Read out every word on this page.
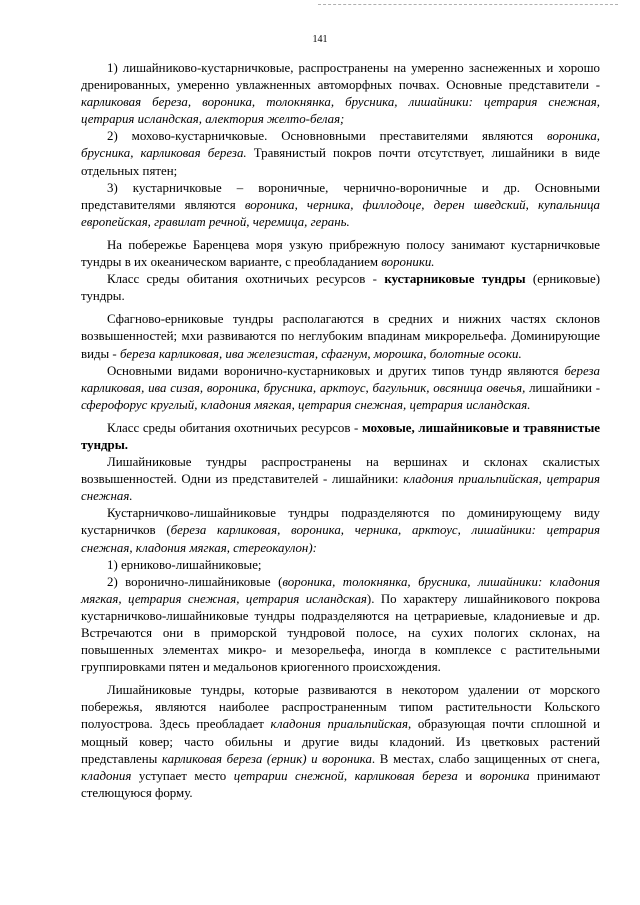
141

1) лишайниково-кустарничковые, распространены на умеренно заснеженных и хорошо дренированных, умеренно увлажненных автоморфных почвах. Основные представители - карликовая береза, вороника, толокнянка, брусника, лишайники: цетрария снежная, цетрария исландская, алектория желто-белая;

2) мохово-кустарничковые. Основновными преставителями являются вороника, брусника, карликовая береза. Травянистый покров почти отсутствует, лишайники в виде отдельных пятен;

3) кустарничковые – вороничные, чернично-вороничные и др. Основными представителями являются вороника, черника, филлодоце, дерен шведский, купальница европейская, гравилат речной, черемица, герань.

На побережье Баренцева моря узкую прибрежную полосу занимают кустарничковые тундры в их океаническом варианте, с преобладанием вороники.

Класс среды обитания охотничьих ресурсов - кустарниковые тундры (ерниковые) тундры.

Сфагново-ерниковые тундры располагаются в средних и нижних частях склонов возвышенностей; мхи развиваются по неглубоким впадинам микрорельефа. Доминирующие виды - береза карликовая, ива железистая, сфагнум, морошка, болотные осоки.

Основными видами воронично-кустарниковых и других типов тундр являются береза карликовая, ива сизая, вороника, брусника, арктоус, багульник, овсяница овечья, лишайники - сферофорус круглый, кладония мягкая, цетрария снежная, цетрария исландская.

Класс среды обитания охотничьих ресурсов - моховые, лишайниковые и травянистые тундры.

Лишайниковые тундры распространены на вершинах и склонах скалистых возвышенностей. Одни из представителей - лишайники: кладония приальпийская, цетрария снежная.

Кустарничково-лишайниковые тундры подразделяются по доминирующему виду кустарничков (береза карликовая, вороника, черника, арктоус, лишайники: цетрария снежная, кладония мягкая, стереокаулон):

1) ерниково-лишайниковые;

2) воронично-лишайниковые (вороника, толокнянка, брусника, лишайники: кладония мягкая, цетрария снежная, цетрария исландская). По характеру лишайникового покрова кустарничково-лишайниковые тундры подразделяются на цетрариевые, кладониевые и др. Встречаются они в приморской тундровой полосе, на сухих пологих склонах, на повышенных элементах микро- и мезорельефа, иногда в комплексе с растительными группировками пятен и медальонов криогенного происхождения.

Лишайниковые тундры, которые развиваются в некотором удалении от морского побережья, являются наиболее распространенным типом растительности Кольского полуострова. Здесь преобладает кладония приальпийская, образующая почти сплошной и мощный ковер; часто обильны и другие виды кладоний. Из цветковых растений представлены карликовая береза (ерник) и вороника. В местах, слабо защищенных от снега, кладония уступает место цетрарии снежной, карликовая береза и вороника принимают стелющуюся форму.
